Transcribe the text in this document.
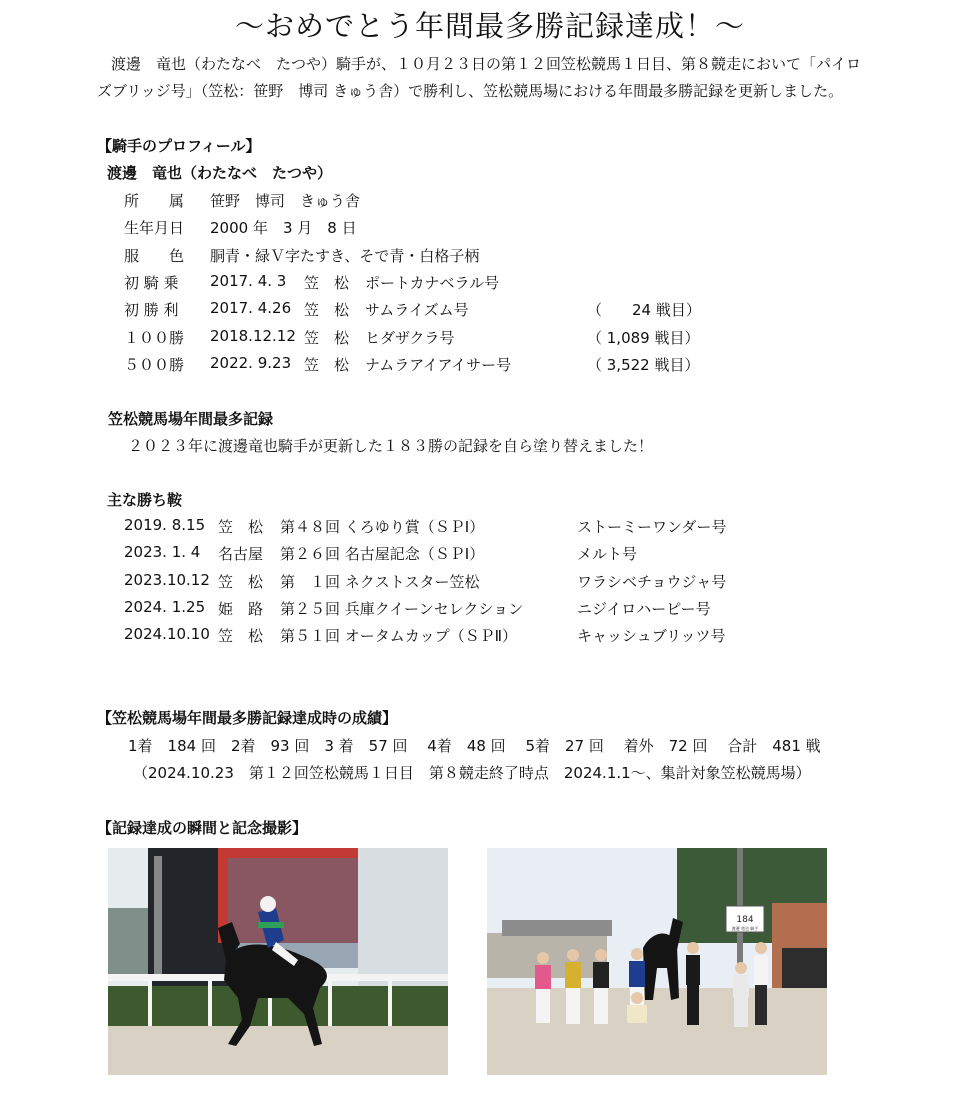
～おめでとう年間最多勝記録達成！～
渡邊　竜也（わたなべ　たつや）騎手が、１０月２３日の第１２回笠松競馬１日目、第８競走において「パイロ
ズブリッジ号」（笠松：笹野　博司 きゅう舎）で勝利し、笠松競馬場における年間最多勝記録を更新しました。
【騎手のプロフィール】
渡邊　竜也（わたなべ　たつや）
所　　属 笹野　博司　きゅう舎
生年月日 2000 年　3 月　8 日
服　　色 胴青・緑Ｖ字たすき、そで青・白格子柄
初 騎 乗 2017. 4. 3 笠　松 ポートカナベラル号
初 勝 利 2017. 4.26 笠　松 サムライズム号	（　　24 戦目）
１００勝 2018.12.12 笠　松 ヒダザクラ号	（ 1,089 戦目）
５００勝 2022. 9.23 笠　松 ナムラアイアイサー号	（ 3,522 戦目）
笠松競馬場年間最多記録
２０２３年に渡邊竜也騎手が更新した１８３勝の記録を自ら塗り替えました！
主な勝ち鞍
2019. 8.15 笠　松 第４８回 くろゆり賞（ＳＰⅠ）	ストーミーワンダー号
2023. 1. 4 名古屋 第２６回 名古屋記念（ＳＰⅠ）	メルト号
2023.10.12 笠　松 第　１回 ネクストスター笠松	ワラシベチョウジャ号
2024. 1.25 姫　路 第２５回 兵庫クイーンセレクション	ニジイロハーピー号
2024.10.10 笠　松 第５１回 オータムカップ（ＳＰⅡ）	キャッシュブリッツ号
【笠松競馬場年間最多勝記録達成時の成績】
1着　184 回　2着　93 回　3 着　57 回　 4着　48 回　 5着　27 回　 着外　72 回　 合計　481 戦
（2024.10.23　第１２回笠松競馬１日目　第８競走終了時点　2024.1.1～、集計対象笠松競馬場）
【記録達成の瞬間と記念撮影】
184
渡邊 竜也 騎手
